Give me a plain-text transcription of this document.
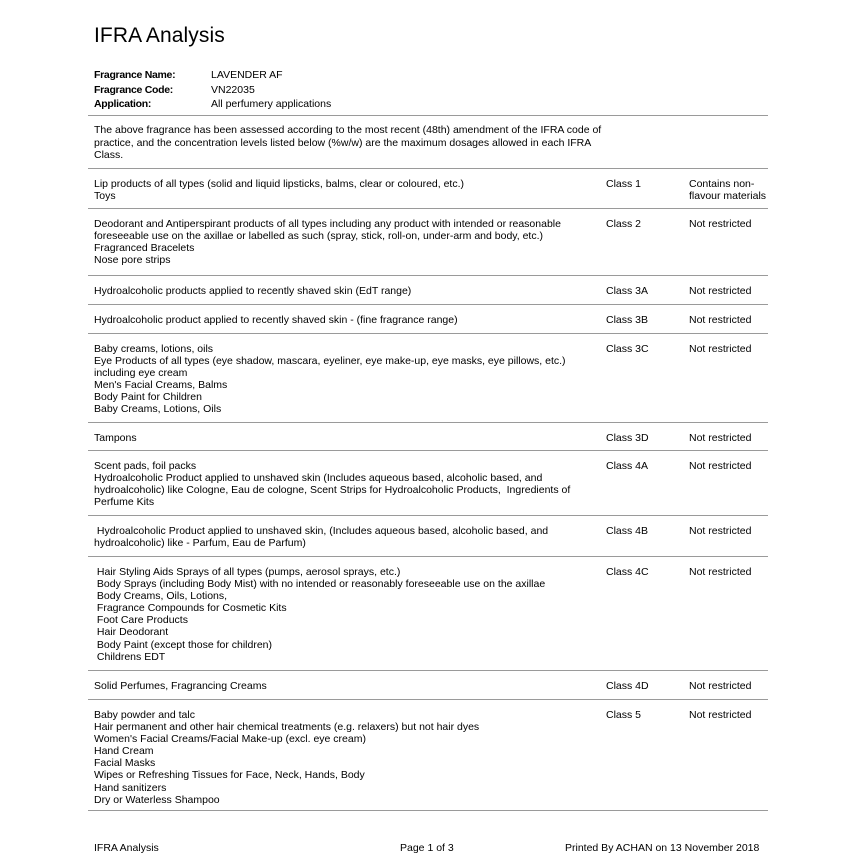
IFRA Analysis
Fragrance Name:	LAVENDER AF
Fragrance Code:	VN22035
Application:	All perfumery applications
The above fragrance has been assessed according to the most recent (48th) amendment of the IFRA code of practice, and the concentration levels listed below (%w/w) are the maximum dosages allowed in each IFRA Class.
Lip products of all types (solid and liquid lipsticks, balms, clear or coloured, etc.)
Toys
Class 1	Contains non-flavour materials
Deodorant and Antiperspirant products of all types including any product with intended or reasonable
foreseeable use on the axillae or labelled as such (spray, stick, roll-on, under-arm and body, etc.)
Fragranced Bracelets
Nose pore strips
Class 2	Not restricted
Hydroalcoholic products applied to recently shaved skin (EdT range)	Class 3A	Not restricted
Hydroalcoholic product applied to recently shaved skin - (fine fragrance range)	Class 3B	Not restricted
Baby creams, lotions, oils
Eye Products of all types (eye shadow, mascara, eyeliner, eye make-up, eye masks, eye pillows, etc.)
including eye cream
Men's Facial Creams, Balms
Body Paint for Children
Baby Creams, Lotions, Oils
Class 3C	Not restricted
Tampons	Class 3D	Not restricted
Scent pads, foil packs
Hydroalcoholic Product applied to unshaved skin (Includes aqueous based, alcoholic based, and
hydroalcoholic) like Cologne, Eau de cologne, Scent Strips for Hydroalcoholic Products,  Ingredients of
Perfume Kits
Class 4A	Not restricted
Hydroalcoholic Product applied to unshaved skin, (Includes aqueous based, alcoholic based, and
hydroalcoholic) like - Parfum, Eau de Parfum)
Class 4B	Not restricted
Hair Styling Aids Sprays of all types (pumps, aerosol sprays, etc.)
Body Sprays (including Body Mist) with no intended or reasonably foreseeable use on the axillae
Body Creams, Oils, Lotions,
Fragrance Compounds for Cosmetic Kits
Foot Care Products
Hair Deodorant
Body Paint (except those for children)
Childrens EDT
Class 4C	Not restricted
Solid Perfumes, Fragrancing Creams	Class 4D	Not restricted
Baby powder and talc
Hair permanent and other hair chemical treatments (e.g. relaxers) but not hair dyes
Women's Facial Creams/Facial Make-up (excl. eye cream)
Hand Cream
Facial Masks
Wipes or Refreshing Tissues for Face, Neck, Hands, Body
Hand sanitizers
Dry or Waterless Shampoo
Class 5	Not restricted
IFRA Analysis	Page 1 of 3	Printed By ACHAN on 13 November 2018
